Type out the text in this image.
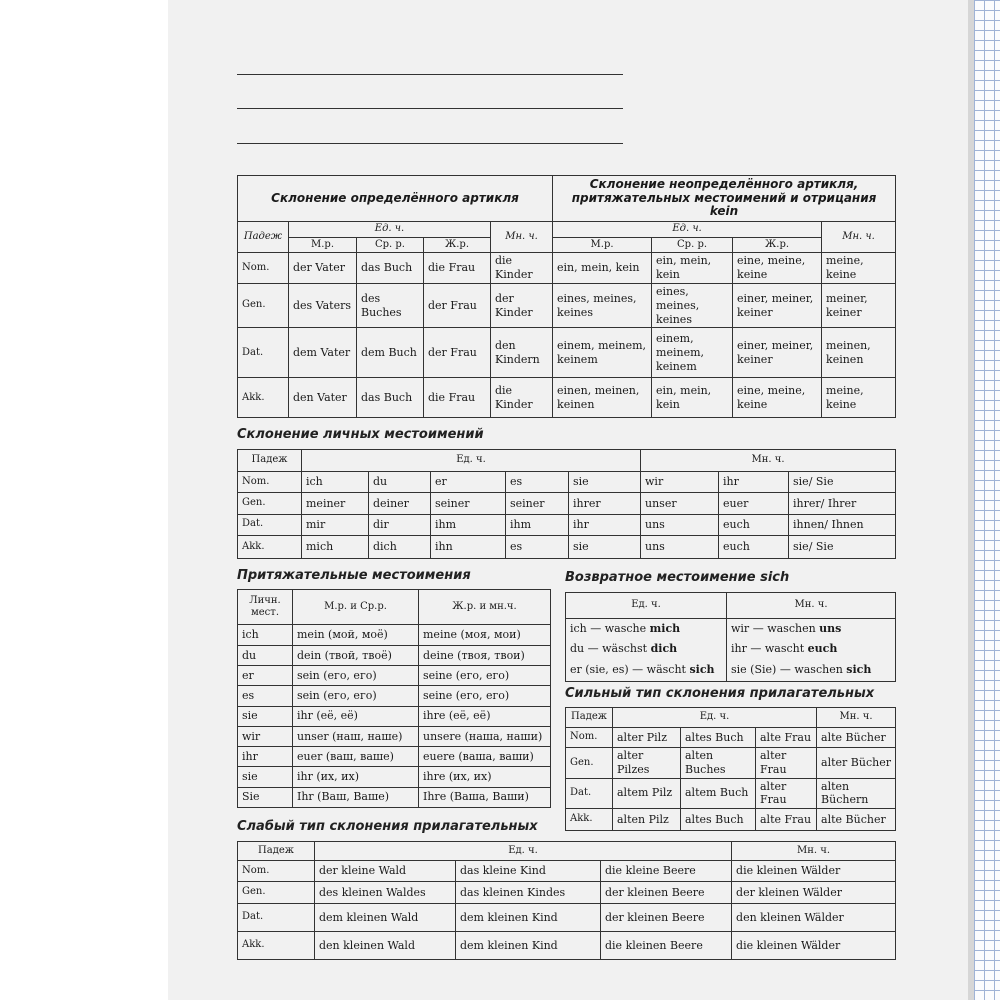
Склонение определённого артикля					Склонение неопределённого артикля, притяжательных местоимений и отрицания kein			
Падеж	Ед. ч.			Мн. ч.	Ед. ч.			Мн. ч.
	М.р.	Ср. р.	Ж.р.		М.р.	Ср. р.	Ж.р.	
Nom.	der Vater	das Buch	die Frau	die Kinder	ein, mein, kein	ein, mein, kein	eine, meine, keine	meine, keine
Gen.	des Vaters	des Buches	der Frau	der Kinder	eines, meines, keines	eines, meines, keines	einer, meiner, keiner	meiner, keiner
Dat.	dem Vater	dem Buch	der Frau	den Kindern	einem, meinem, keinem	einem, meinem, keinem	einer, meiner, keiner	meinen, keinen
Akk.	den Vater	das Buch	die Frau	die Kinder	einen, meinen, keinen	ein, mein, kein	eine, meine, keine	meine, keine
Склонение личных местоимений
Падеж	Ед. ч.					Мн. ч.		
Nom.	ich	du	er	es	sie	wir	ihr	sie/ Sie
Gen.	meiner	deiner	seiner	seiner	ihrer	unser	euer	ihrer/ Ihrer
Dat.	mir	dir	ihm	ihm	ihr	uns	euch	ihnen/ Ihnen
Akk.	mich	dich	ihn	es	sie	uns	euch	sie/ Sie
Притяжательные местоимения
Личн. мест.	М.р. и Ср.р.	Ж.р. и мн.ч.
ich	mein (мой, моё)	meine (моя, мои)
du	dein (твой, твоё)	deine (твоя, твои)
er	sein (его, его)	seine (его, его)
es	sein (его, его)	seine (его, его)
sie	ihr (её, её)	ihre (её, её)
wir	unser (наш, наше)	unsere (наша, наши)
ihr	euer (ваш, ваше)	euere (ваша, ваши)
sie	ihr (их, их)	ihre (их, их)
Sie	Ihr (Ваш, Ваше)	Ihre (Ваша, Ваши)
Возвратное местоимение sich
Ед. ч.	Мн. ч.
ich — wasche mich	wir — waschen uns
du — wäschst dich	ihr — wascht euch
er (sie, es) — wäscht sich	sie (Sie) — waschen sich
Сильный тип склонения прилагательных
Падеж	Ед. ч.			Мн. ч.
Nom.	alter Pilz	altes Buch	alte Frau	alte Bücher
Gen.	alter Pilzes	alten Buches	alter Frau	alter Bücher
Dat.	altem Pilz	altem Buch	alter Frau	alten Büchern
Akk.	alten Pilz	altes Buch	alte Frau	alte Bücher
Слабый тип склонения прилагательных
Падеж	Ед. ч.			Мн. ч.
Nom.	der kleine Wald	das kleine Kind	die kleine Beere	die kleinen Wälder
Gen.	des kleinen Waldes	das kleinen Kindes	der kleinen Beere	der kleinen Wälder
Dat.	dem kleinen Wald	dem kleinen Kind	der kleinen Beere	den kleinen Wälder
Akk.	den kleinen Wald	dem kleinen Kind	die kleinen Beere	die kleinen Wälder
